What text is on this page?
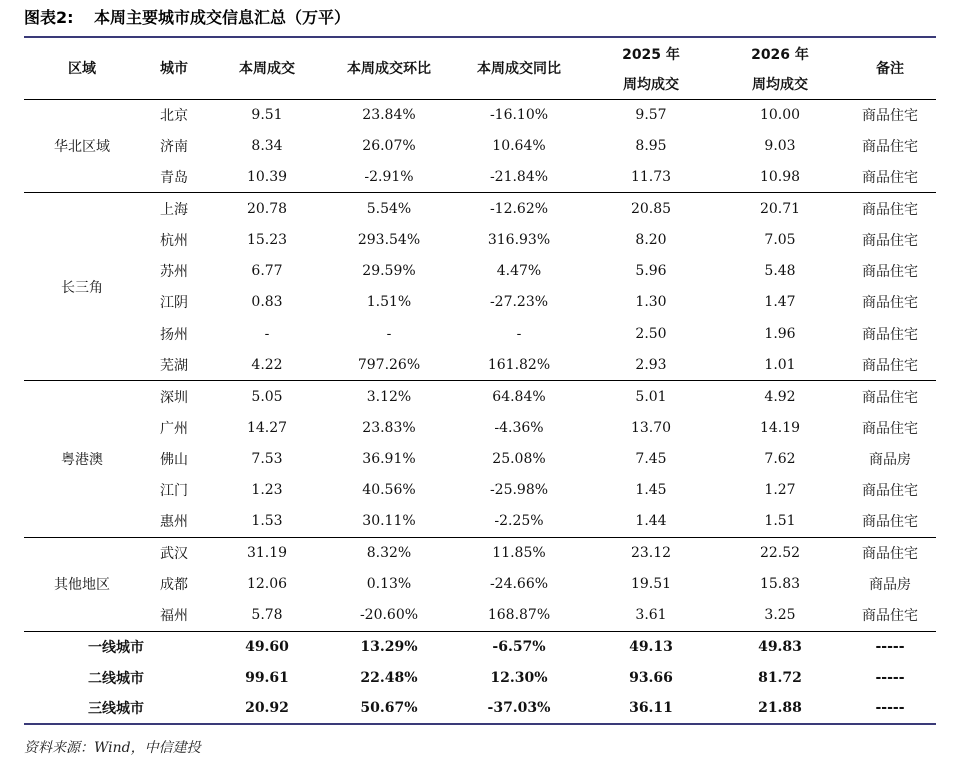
图表2: 本周主要城市成交信息汇总（万平）
区域	城市	本周成交	本周成交环比	本周成交同比	2025 年	2026 年	备注
					周均成交	周均成交	
华北区域	北京	9.51	23.84%	-16.10%	9.57	10.00	商品住宅
	济南	8.34	26.07%	10.64%	8.95	9.03	商品住宅
	青岛	10.39	-2.91%	-21.84%	11.73	10.98	商品住宅
长三角	上海	20.78	5.54%	-12.62%	20.85	20.71	商品住宅
	杭州	15.23	293.54%	316.93%	8.20	7.05	商品住宅
	苏州	6.77	29.59%	4.47%	5.96	5.48	商品住宅
	江阴	0.83	1.51%	-27.23%	1.30	1.47	商品住宅
	扬州	-	-	-	2.50	1.96	商品住宅
	芜湖	4.22	797.26%	161.82%	2.93	1.01	商品住宅
粤港澳	深圳	5.05	3.12%	64.84%	5.01	4.92	商品住宅
	广州	14.27	23.83%	-4.36%	13.70	14.19	商品住宅
	佛山	7.53	36.91%	25.08%	7.45	7.62	商品房
	江门	1.23	40.56%	-25.98%	1.45	1.27	商品住宅
	惠州	1.53	30.11%	-2.25%	1.44	1.51	商品住宅
其他地区	武汉	31.19	8.32%	11.85%	23.12	22.52	商品住宅
	成都	12.06	0.13%	-24.66%	19.51	15.83	商品房
	福州	5.78	-20.60%	168.87%	3.61	3.25	商品住宅
一线城市		49.60	13.29%	-6.57%	49.13	49.83	-----
二线城市		99.61	22.48%	12.30%	93.66	81.72	-----
三线城市		20.92	50.67%	-37.03%	36.11	21.88	-----
资料来源：Wind，中信建投
